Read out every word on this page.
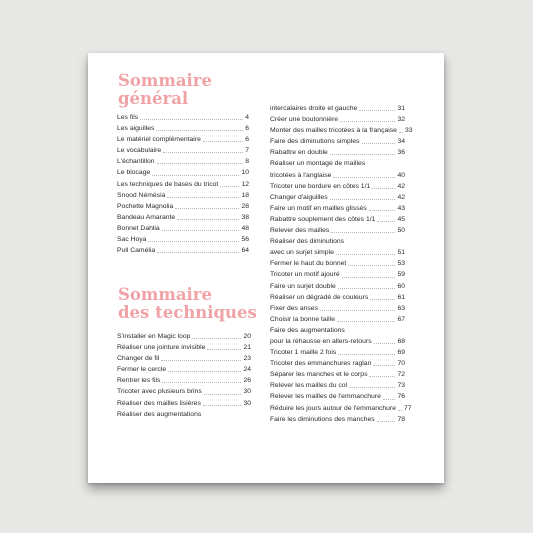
Sommaire
général
Les fils	4
Les aiguilles	6
Le matériel complémentaire	6
Le vocabulaire	7
L'échantillon	8
Le blocage	10
Les techniques de bases du tricot	12
Snood Némésia	18
Pochette Magnolia	28
Bandeau Amarante	38
Bonnet Dahlia	48
Sac Hoya	56
Pull Camélia	64
Sommaire
des techniques
S'installer en Magic loop	20
Réaliser une jointure invisible	21
Changer de fil	23
Fermer le cercle	24
Rentrer les fils	26
Tricoter avec plusieurs brins	30
Réaliser des mailles lisières	30
Réaliser des augmentations
intercalaires droite et gauche	31
Créer une boutonnière	32
Monter des mailles tricotées à la française 33
Faire des diminutions simples	34
Rabattre en double	36
Réaliser un montage de mailles
tricotées à l'anglaise	40
Tricoter une bordure en côtes 1/1	42
Changer d'aiguilles	42
Faire un motif en mailles glissés	43
Rabattre souplement des côtes 1/1	45
Relever des mailles	50
Réaliser des diminutions
avec un surjet simple	51
Fermer le haut du bonnet	53
Tricoter un motif ajouré	59
Faire un surjet double	60
Réaliser un dégradé de couleurs	61
Fixer des anses	63
Choisir la bonne taille	67
Faire des augmentations
pour la réhausse en allers-retours	68
Tricoter 1 maille 2 fois	69
Tricoter des emmanchures raglan	70
Séparer les manches et le corps	72
Relever les mailles du col	73
Relever les mailles de l'emmanchure 76
Réduire les jours autour de l'emmanchure 77
Faire les diminutions des manches	78
